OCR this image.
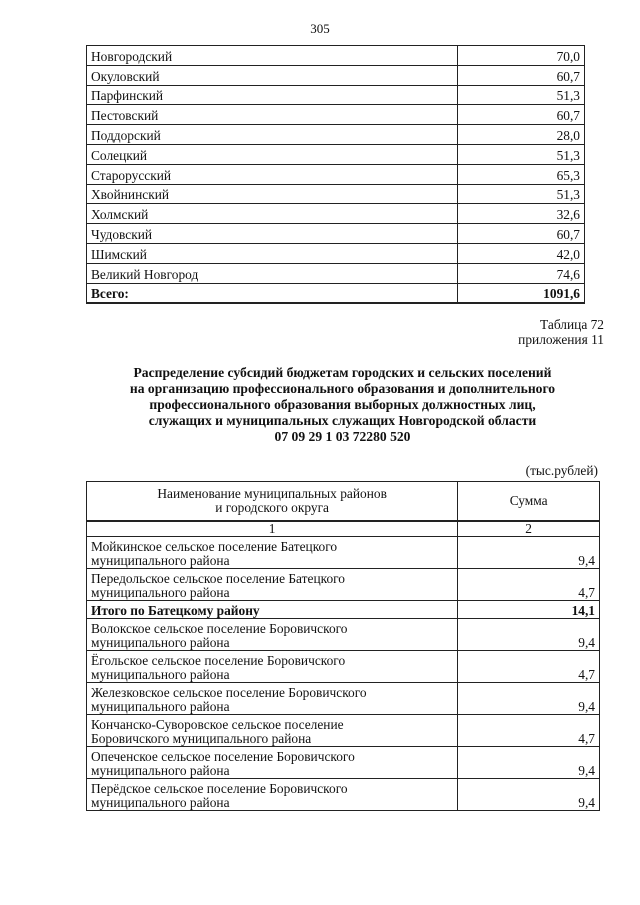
305
Новгородский	70,0
Окуловский	60,7
Парфинский	51,3
Пестовский	60,7
Поддорский	28,0
Солецкий	51,3
Старорусский	65,3
Хвойнинский	51,3
Холмский	32,6
Чудовский	60,7
Шимский	42,0
Великий Новгород	74,6
Всего:	1091,6
Таблица 72
приложения 11
Распределение субсидий бюджетам городских и сельских поселений
на организацию профессионального образования и дополнительного
профессионального образования выборных должностных лиц,
служащих и муниципальных служащих Новгородской области
07 09 29 1 03 72280 520
(тыс.рублей)
Наименование муниципальных районов
и городского округа	Сумма
1	2

Мойкинское сельское поселение Батецкого
муниципального района	9,4

Передольское сельское поселение Батецкого
муниципального района	4,7

Итого по Батецкому району	14,1

Волокское сельское поселение Боровичского
муниципального района	9,4

Ёгольское сельское поселение Боровичского
муниципального района	4,7

Железковское сельское поселение Боровичского
муниципального района	9,4

Кончанско-Суворовское сельское поселение
Боровичского муниципального района	4,7

Опеченское сельское поселение Боровичского
муниципального района	9,4

Перёдское сельское поселение Боровичского
муниципального района	9,4
